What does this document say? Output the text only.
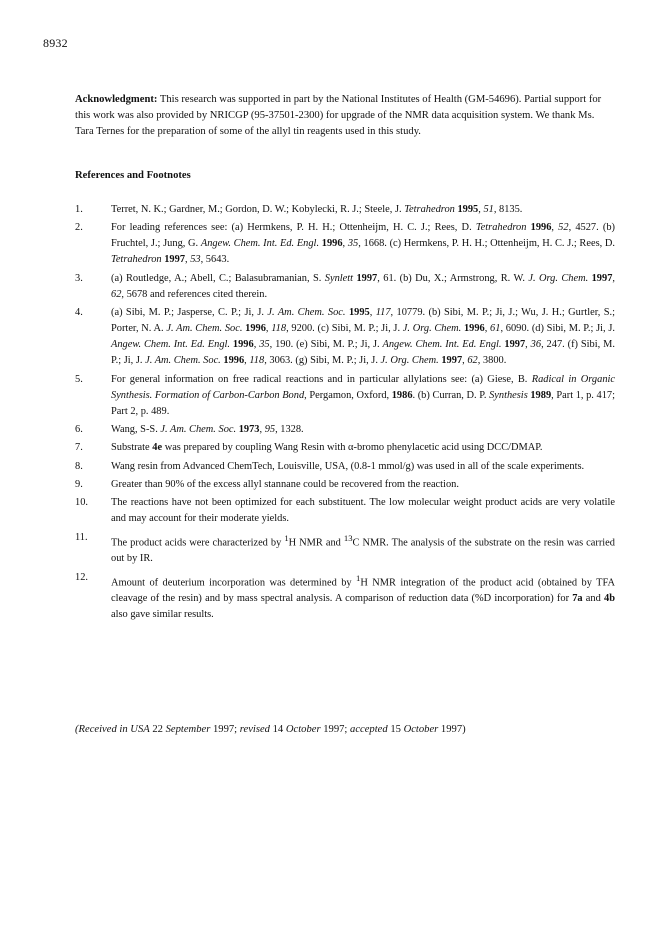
8932
Acknowledgment: This research was supported in part by the National Institutes of Health (GM-54696). Partial support for this work was also provided by NRICGP (95-37501-2300) for upgrade of the NMR data acquisition system. We thank Ms. Tara Ternes for the preparation of some of the allyl tin reagents used in this study.
References and Footnotes
1.	Terret, N. K.; Gardner, M.; Gordon, D. W.; Kobylecki, R. J.; Steele, J. Tetrahedron 1995, 51, 8135.
2.	For leading references see: (a) Hermkens, P. H. H.; Ottenheijm, H. C. J.; Rees, D. Tetrahedron 1996, 52, 4527. (b) Fruchtel, J.; Jung, G. Angew. Chem. Int. Ed. Engl. 1996, 35, 1668. (c) Hermkens, P. H. H.; Ottenheijm, H. C. J.; Rees, D. Tetrahedron 1997, 53, 5643.
3.	(a) Routledge, A.; Abell, C.; Balasubramanian, S. Synlett 1997, 61. (b) Du, X.; Armstrong, R. W. J. Org. Chem. 1997, 62, 5678 and references cited therein.
4.	(a) Sibi, M. P.; Jasperse, C. P.; Ji, J. J. Am. Chem. Soc. 1995, 117, 10779. (b) Sibi, M. P.; Ji, J.; Wu, J. H.; Gurtler, S.; Porter, N. A. J. Am. Chem. Soc. 1996, 118, 9200. (c) Sibi, M. P.; Ji, J. J. Org. Chem. 1996, 61, 6090. (d) Sibi, M. P.; Ji, J. Angew. Chem. Int. Ed. Engl. 1996, 35, 190. (e) Sibi, M. P.; Ji, J. Angew. Chem. Int. Ed. Engl. 1997, 36, 247. (f) Sibi, M. P.; Ji, J. J. Am. Chem. Soc. 1996, 118, 3063. (g) Sibi, M. P.; Ji, J. J. Org. Chem. 1997, 62, 3800.
5.	For general information on free radical reactions and in particular allylations see: (a) Giese, B. Radical in Organic Synthesis. Formation of Carbon-Carbon Bond, Pergamon, Oxford, 1986. (b) Curran, D. P. Synthesis 1989, Part 1, p. 417; Part 2, p. 489.
6.	Wang, S-S. J. Am. Chem. Soc. 1973, 95, 1328.
7.	Substrate 4e was prepared by coupling Wang Resin with α-bromo phenylacetic acid using DCC/DMAP.
8.	Wang resin from Advanced ChemTech, Louisville, USA, (0.8-1 mmol/g) was used in all of the scale experiments.
9.	Greater than 90% of the excess allyl stannane could be recovered from the reaction.
10.	The reactions have not been optimized for each substituent. The low molecular weight product acids are very volatile and may account for their moderate yields.
11.	The product acids were characterized by $^1$H NMR and $^{13}$C NMR. The analysis of the substrate on the resin was carried out by IR.
12.	Amount of deuterium incorporation was determined by $^1$H NMR integration of the product acid (obtained by TFA cleavage of the resin) and by mass spectral analysis. A comparison of reduction data (%D incorporation) for 7a and 4b also gave similar results.
(Received in USA 22 September 1997; revised 14 October 1997; accepted 15 October 1997)
